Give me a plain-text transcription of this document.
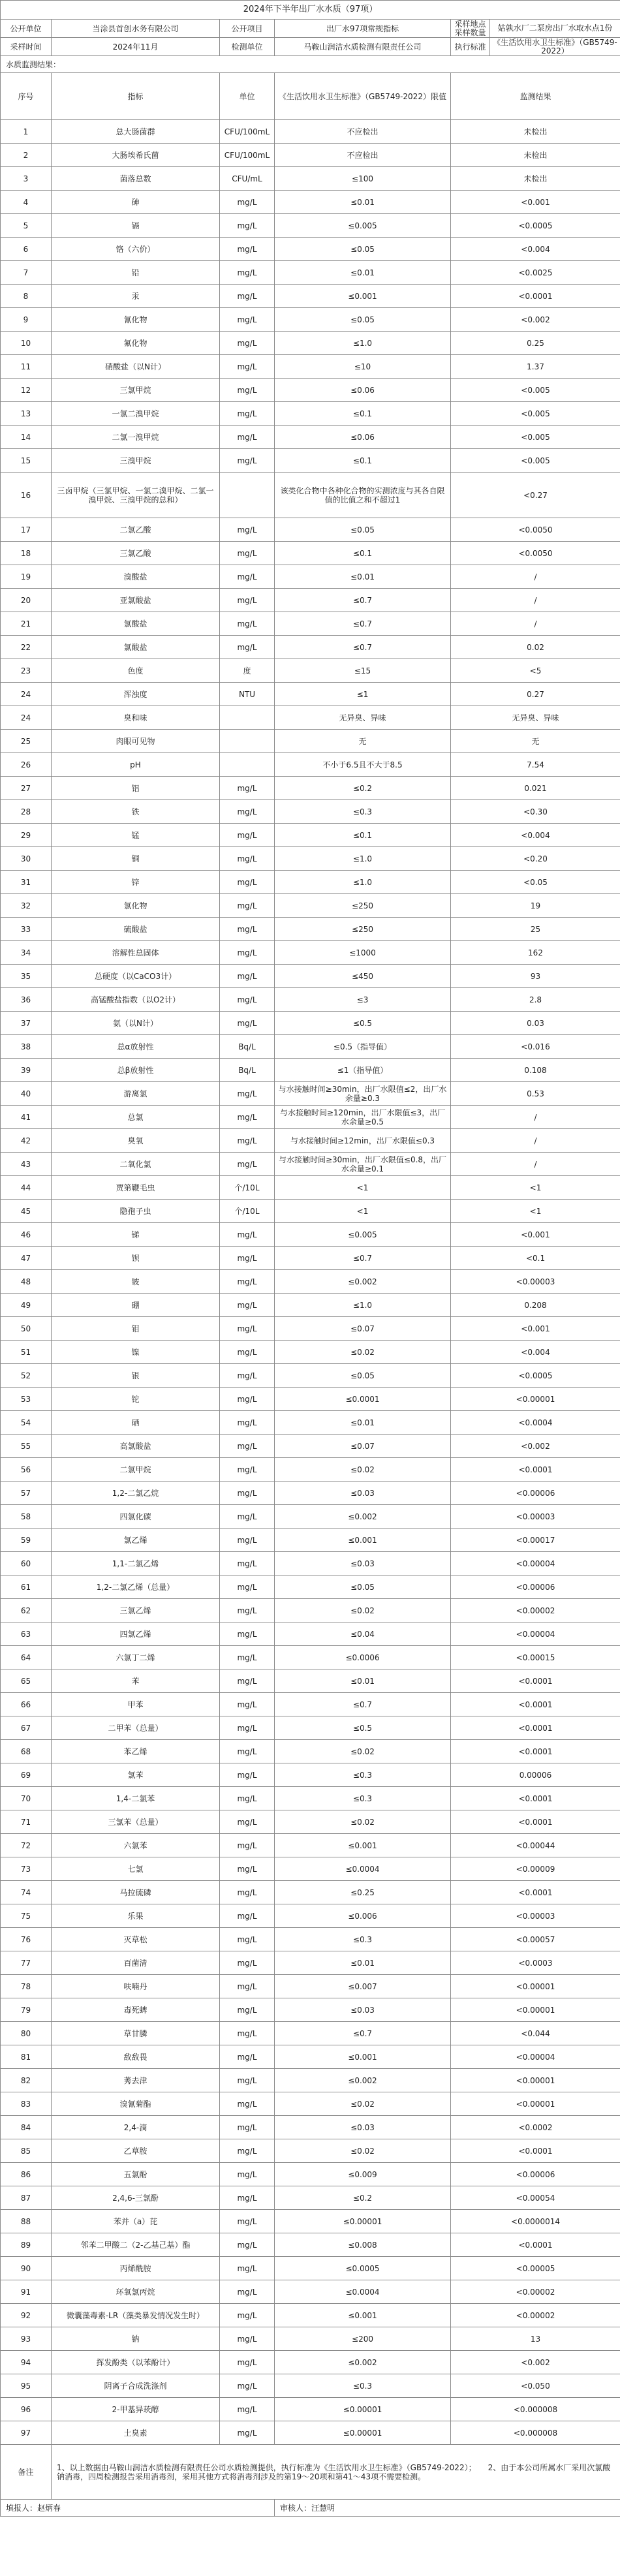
2024年下半年出厂水水质（97项）					
公开单位	当涂县首创水务有限公司	公开项目	出厂水97项常规指标	采样地点采样数量	姑孰水厂二泵房出厂水取水点1份
采样时间	2024年11月	检测单位	马鞍山润洁水质检测有限责任公司	执行标准	《生活饮用水卫生标准》（GB5749-2022）
水质监测结果：					
序号	指标	单位	《生活饮用水卫生标准》（GB5749-2022）限值	监测结果	
1	总大肠菌群	CFU/100mL	不应检出	未检出	
2	大肠埃希氏菌	CFU/100mL	不应检出	未检出	
3	菌落总数	CFU/mL	≤100	未检出	
4	砷	mg/L	≤0.01	<0.001	
5	镉	mg/L	≤0.005	<0.0005	
6	铬（六价）	mg/L	≤0.05	<0.004	
7	铅	mg/L	≤0.01	<0.0025	
8	汞	mg/L	≤0.001	<0.0001	
9	氰化物	mg/L	≤0.05	<0.002	
10	氟化物	mg/L	≤1.0	0.25	
11	硝酸盐（以N计）	mg/L	≤10	1.37	
12	三氯甲烷	mg/L	≤0.06	<0.005	
13	一氯二溴甲烷	mg/L	≤0.1	<0.005	
14	二氯一溴甲烷	mg/L	≤0.06	<0.005	
15	三溴甲烷	mg/L	≤0.1	<0.005	
16	三卤甲烷（三氯甲烷、一氯二溴甲烷、二氯一溴甲烷、三溴甲烷的总和）		该类化合物中各种化合物的实测浓度与其各自限值的比值之和不超过1	<0.27	
17	二氯乙酸	mg/L	≤0.05	<0.0050	
18	三氯乙酸	mg/L	≤0.1	<0.0050	
19	溴酸盐	mg/L	≤0.01	/	
20	亚氯酸盐	mg/L	≤0.7	/	
21	氯酸盐	mg/L	≤0.7	/	
22	氯酸盐	mg/L	≤0.7	0.02	
23	色度	度	≤15	<5	
24	浑浊度	NTU	≤1	0.27	
24	臭和味		无异臭、异味	无异臭、异味	
25	肉眼可见物		无	无	
26	pH		不小于6.5且不大于8.5	7.54	
27	铝	mg/L	≤0.2	0.021	
28	铁	mg/L	≤0.3	<0.30	
29	锰	mg/L	≤0.1	<0.004	
30	铜	mg/L	≤1.0	<0.20	
31	锌	mg/L	≤1.0	<0.05	
32	氯化物	mg/L	≤250	19	
33	硫酸盐	mg/L	≤250	25	
34	溶解性总固体	mg/L	≤1000	162	
35	总硬度（以CaCO3计）	mg/L	≤450	93	
36	高锰酸盐指数（以O2计）	mg/L	≤3	2.8	
37	氨（以N计）	mg/L	≤0.5	0.03	
38	总α放射性	Bq/L	≤0.5（指导值）	<0.016	
39	总β放射性	Bq/L	≤1（指导值）	0.108	
40	游离氯	mg/L	与水接触时间≥30min，出厂水限值≤2，出厂水余量≥0.3	0.53	
41	总氯	mg/L	与水接触时间≥120min，出厂水限值≤3，出厂水余量≥0.5	/	
42	臭氧	mg/L	与水接触时间≥12min，出厂水限值≤0.3	/	
43	二氧化氯	mg/L	与水接触时间≥30min，出厂水限值≤0.8，出厂水余量≥0.1	/	
44	贾第鞭毛虫	个/10L	<1	<1	
45	隐孢子虫	个/10L	<1	<1	
46	锑	mg/L	≤0.005	<0.001	
47	钡	mg/L	≤0.7	<0.1	
48	铍	mg/L	≤0.002	<0.00003	
49	硼	mg/L	≤1.0	0.208	
50	钼	mg/L	≤0.07	<0.001	
51	镍	mg/L	≤0.02	<0.004	
52	银	mg/L	≤0.05	<0.0005	
53	铊	mg/L	≤0.0001	<0.00001	
54	硒	mg/L	≤0.01	<0.0004	
55	高氯酸盐	mg/L	≤0.07	<0.002	
56	二氯甲烷	mg/L	≤0.02	<0.0001	
57	1,2-二氯乙烷	mg/L	≤0.03	<0.00006	
58	四氯化碳	mg/L	≤0.002	<0.00003	
59	氯乙烯	mg/L	≤0.001	<0.00017	
60	1,1-二氯乙烯	mg/L	≤0.03	<0.00004	
61	1,2-二氯乙烯（总量）	mg/L	≤0.05	<0.00006	
62	三氯乙烯	mg/L	≤0.02	<0.00002	
63	四氯乙烯	mg/L	≤0.04	<0.00004	
64	六氯丁二烯	mg/L	≤0.0006	<0.00015	
65	苯	mg/L	≤0.01	<0.0001	
66	甲苯	mg/L	≤0.7	<0.0001	
67	二甲苯（总量）	mg/L	≤0.5	<0.0001	
68	苯乙烯	mg/L	≤0.02	<0.0001	
69	氯苯	mg/L	≤0.3	0.00006	
70	1,4-二氯苯	mg/L	≤0.3	<0.0001	
71	三氯苯（总量）	mg/L	≤0.02	<0.0001	
72	六氯苯	mg/L	≤0.001	<0.00044	
73	七氯	mg/L	≤0.0004	<0.00009	
74	马拉硫磷	mg/L	≤0.25	<0.0001	
75	乐果	mg/L	≤0.006	<0.00003	
76	灭草松	mg/L	≤0.3	<0.00057	
77	百菌清	mg/L	≤0.01	<0.0003	
78	呋喃丹	mg/L	≤0.007	<0.00001	
79	毒死蜱	mg/L	≤0.03	<0.00001	
80	草甘膦	mg/L	≤0.7	<0.044	
81	敌敌畏	mg/L	≤0.001	<0.00004	
82	莠去津	mg/L	≤0.002	<0.00001	
83	溴氰菊酯	mg/L	≤0.02	<0.00001	
84	2,4-滴	mg/L	≤0.03	<0.0002	
85	乙草胺	mg/L	≤0.02	<0.0001	
86	五氯酚	mg/L	≤0.009	<0.00006	
87	2,4,6-三氯酚	mg/L	≤0.2	<0.00054	
88	苯并（a）芘	mg/L	≤0.00001	<0.0000014	
89	邻苯二甲酸二（2-乙基己基）酯	mg/L	≤0.008	<0.0001	
90	丙烯酰胺	mg/L	≤0.0005	<0.00005	
91	环氧氯丙烷	mg/L	≤0.0004	<0.00002	
92	微囊藻毒素-LR（藻类暴发情况发生时）	mg/L	≤0.001	<0.00002	
93	钠	mg/L	≤200	13	
94	挥发酚类（以苯酚计）	mg/L	≤0.002	<0.002	
95	阴离子合成洗涤剂	mg/L	≤0.3	<0.050	
96	2-甲基异莰醇	mg/L	≤0.00001	<0.000008	
97	土臭素	mg/L	≤0.00001	<0.000008	
备注	1、以上数据由马鞍山润洁水质检测有限责任公司水质检测提供，执行标准为《生活饮用水卫生标准》（GB5749-2022）；　　2、由于本公司所属水厂采用次氯酸钠消毒，四周检测报告采用消毒剂，采用其他方式将消毒剂涉及的第19～20项和第41～43项不需要检测。				
填报人：赵炳春			审核人：汪慧明		
